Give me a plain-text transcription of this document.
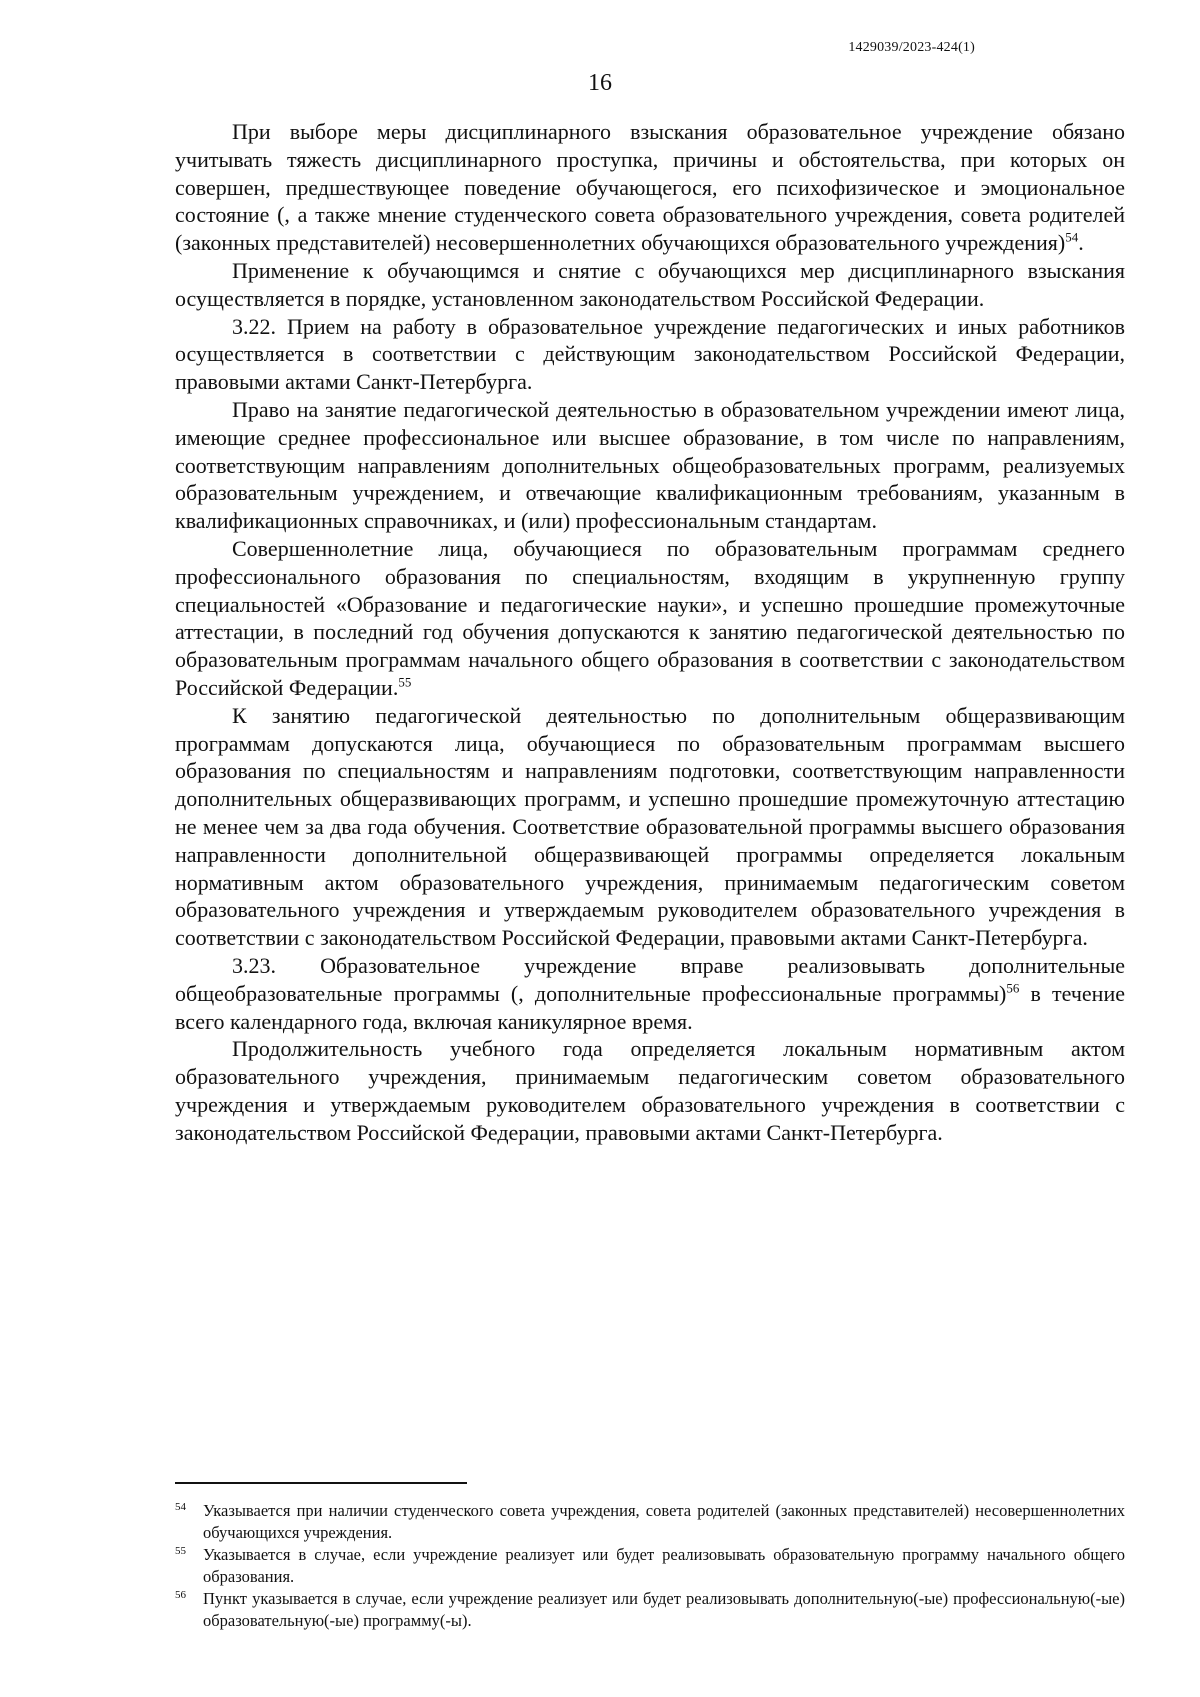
1429039/2023-424(1)
16

При выборе меры дисциплинарного взыскания образовательное учреждение обязано учитывать тяжесть дисциплинарного проступка, причины и обстоятельства, при которых он совершен, предшествующее поведение обучающегося, его психофизическое и эмоциональное состояние (, а также мнение студенческого совета образовательного учреждения, совета родителей (законных представителей) несовершеннолетних обучающихся образовательного учреждения)$^{54}$.

Применение к обучающимся и снятие с обучающихся мер дисциплинарного взыскания осуществляется в порядке, установленном законодательством Российской Федерации.

3.22. Прием на работу в образовательное учреждение педагогических и иных работников осуществляется в соответствии с действующим законодательством Российской Федерации, правовыми актами Санкт-Петербурга.

Право на занятие педагогической деятельностью в образовательном учреждении имеют лица, имеющие среднее профессиональное или высшее образование, в том числе по направлениям, соответствующим направлениям дополнительных общеобразовательных программ, реализуемых образовательным учреждением, и отвечающие квалификационным требованиям, указанным в квалификационных справочниках, и (или) профессиональным стандартам.

Совершеннолетние лица, обучающиеся по образовательным программам среднего профессионального образования по специальностям, входящим в укрупненную группу специальностей «Образование и педагогические науки», и успешно прошедшие промежуточные аттестации, в последний год обучения допускаются к занятию педагогической деятельностью по образовательным программам начального общего образования в соответствии с законодательством Российской Федерации.$^{55}$

К занятию педагогической деятельностью по дополнительным общеразвивающим программам допускаются лица, обучающиеся по образовательным программам высшего образования по специальностям и направлениям подготовки, соответствующим направленности дополнительных общеразвивающих программ, и успешно прошедшие промежуточную аттестацию не менее чем за два года обучения. Соответствие образовательной программы высшего образования направленности дополнительной общеразвивающей программы определяется локальным нормативным актом образовательного учреждения, принимаемым педагогическим советом образовательного учреждения и утверждаемым руководителем образовательного учреждения в соответствии с законодательством Российской Федерации, правовыми актами Санкт-Петербурга.

3.23. Образовательное учреждение вправе реализовывать дополнительные общеобразовательные программы (, дополнительные профессиональные программы)$^{56}$ в течение всего календарного года, включая каникулярное время.

Продолжительность учебного года определяется локальным нормативным актом образовательного учреждения, принимаемым педагогическим советом образовательного учреждения и утверждаемым руководителем образовательного учреждения в соответствии с законодательством Российской Федерации, правовыми актами Санкт-Петербурга.

54 Указывается при наличии студенческого совета учреждения, совета родителей (законных представителей) несовершеннолетних обучающихся учреждения.
55 Указывается в случае, если учреждение реализует или будет реализовывать образовательную программу начального общего образования.
56 Пункт указывается в случае, если учреждение реализует или будет реализовывать дополнительную(-ые) профессиональную(-ые) образовательную(-ые) программу(-ы).
